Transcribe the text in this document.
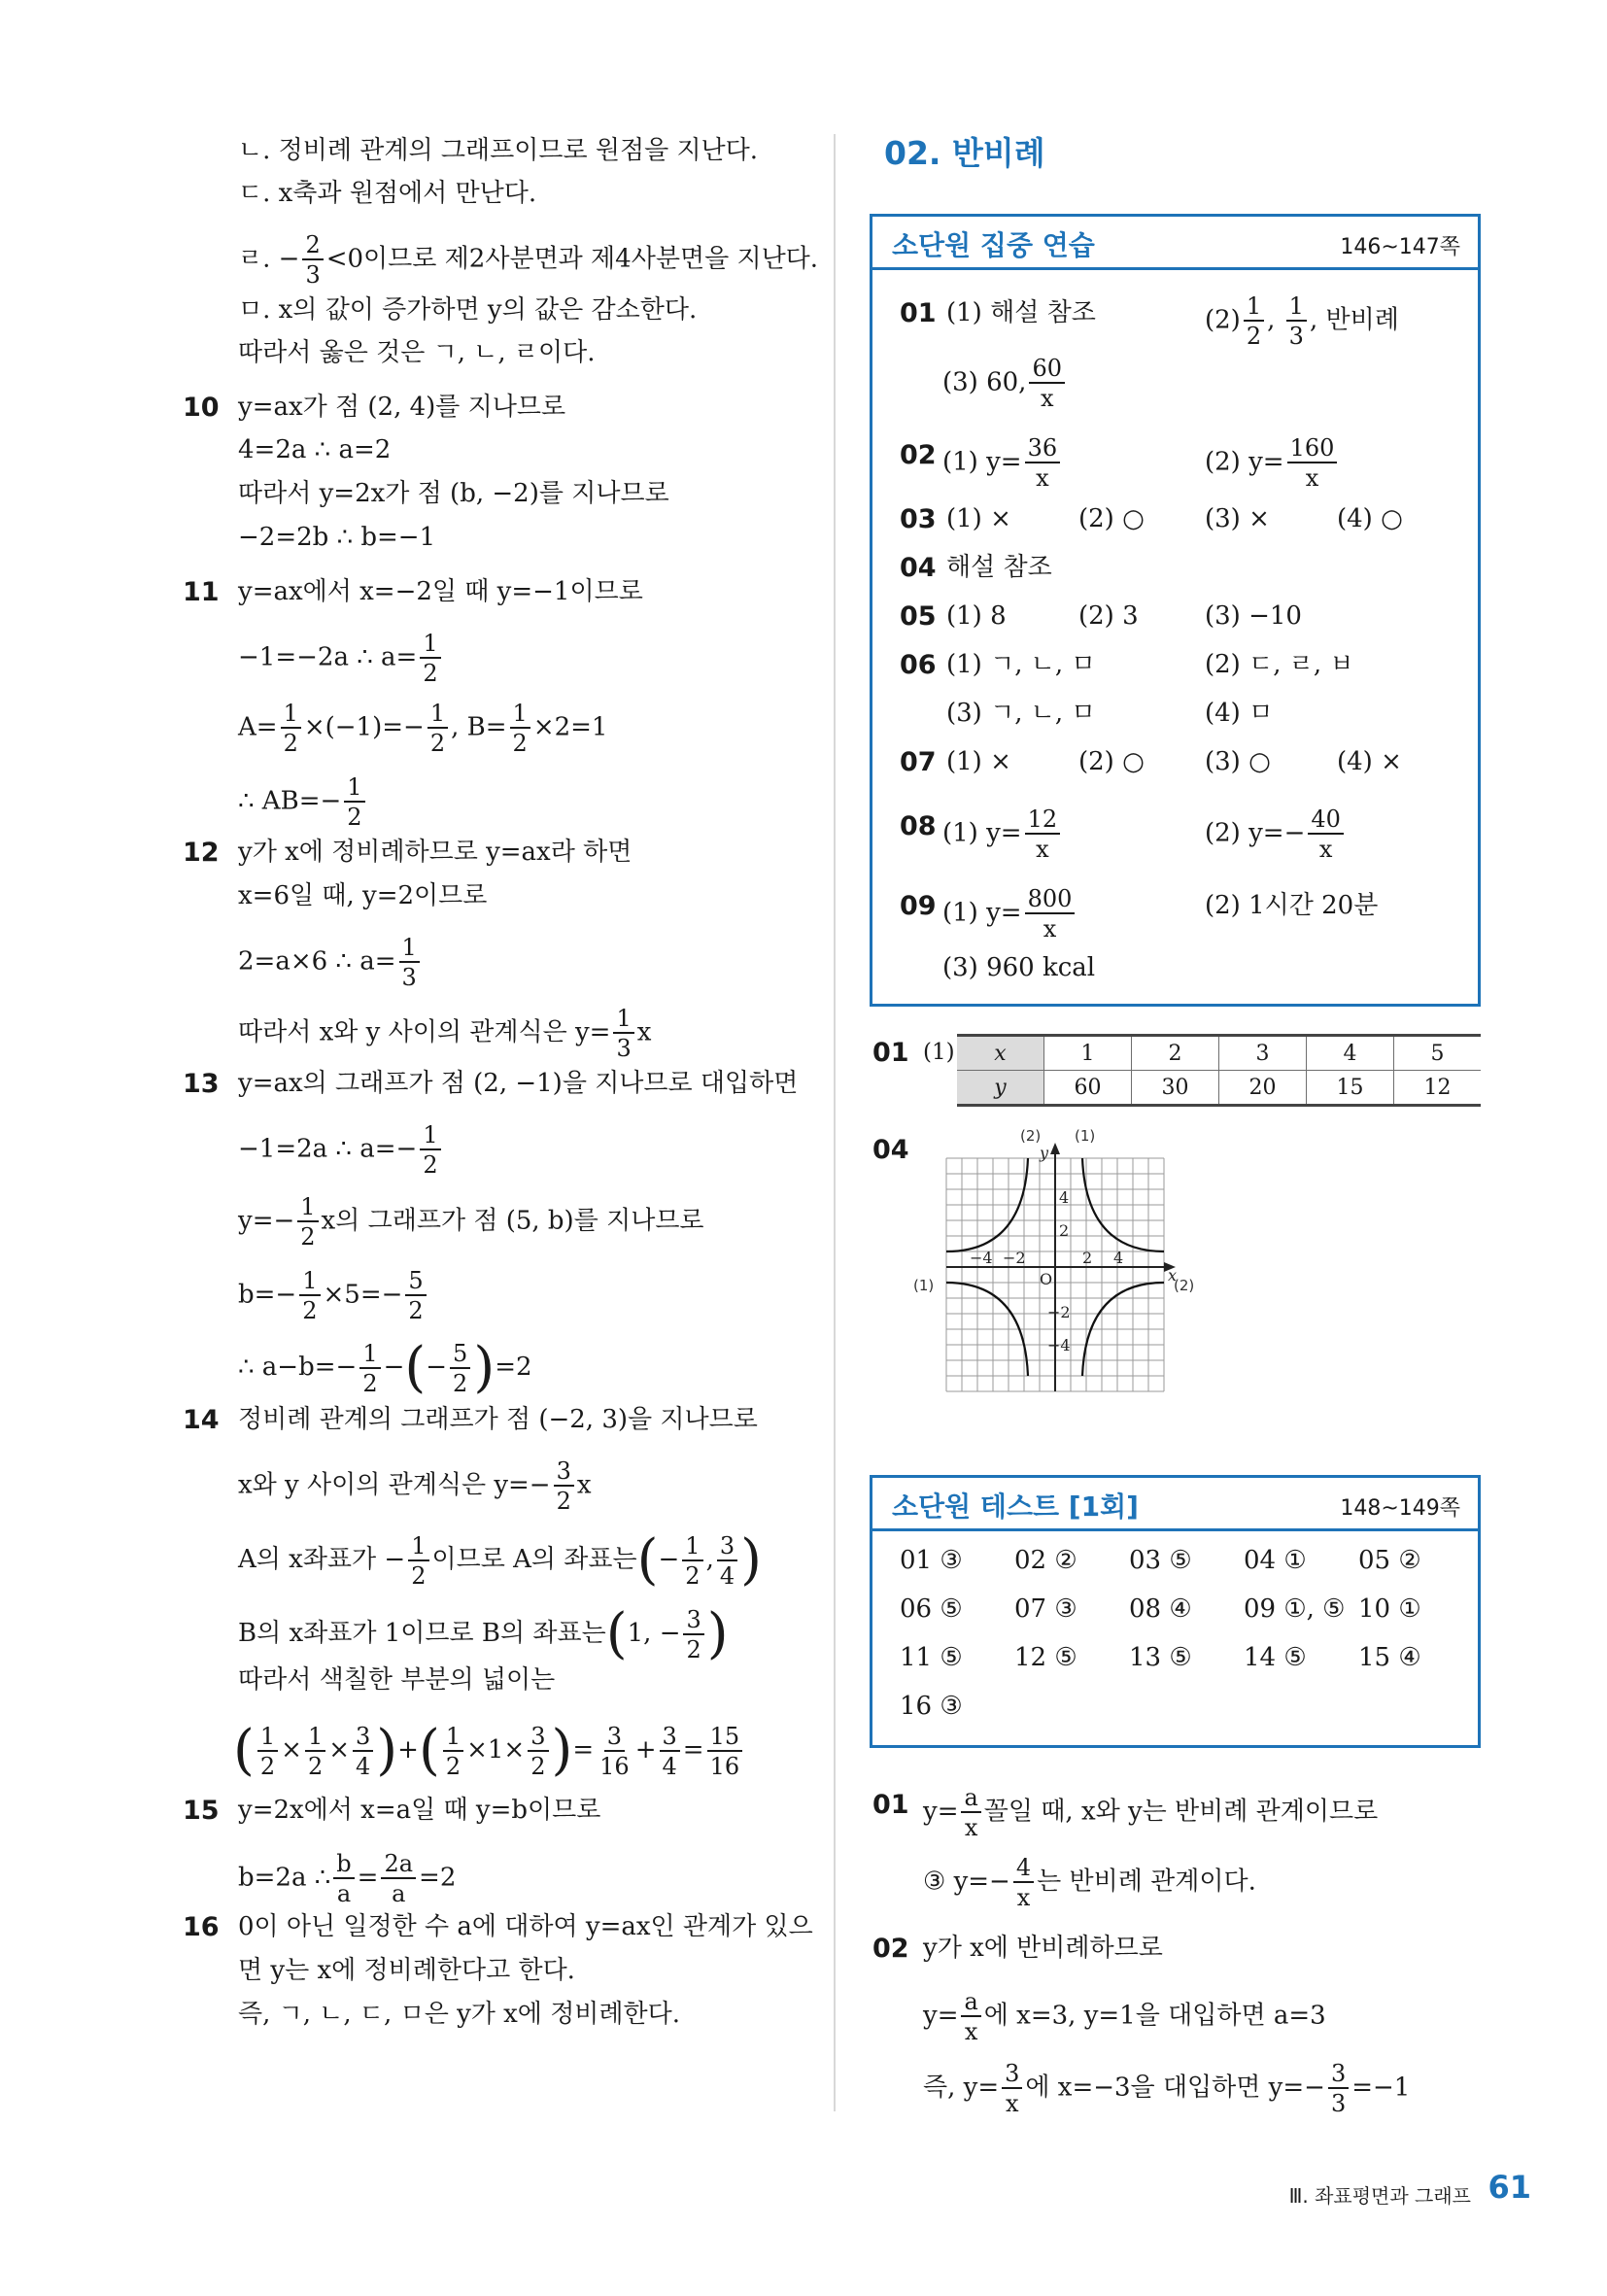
ㄴ. 정비례 관계의 그래프이므로 원점을 지난다.
ㄷ. x축과 원점에서 만난다.
ㄹ. − $\frac{2}{3} <0$이므로 제2사분면과 제4사분면을 지난다.
ㅁ. x의 값이 증가하면 y의 값은 감소한다.
따라서 옳은 것은 ㄱ, ㄴ, ㄹ이다.
10 y=ax가 점 (2, 4)를 지나므로
4=2a ∴ a=2
따라서 y=2x가 점 (b, −2)를 지나므로
−2=2b ∴ b=−1
11 y=ax에서 x=−2일 때 y=−1이므로
−1=−2a ∴ $a= \frac{1}{2}$
$A= \frac{1}{2} \times(-1)=- \frac{1}{2}$ , $B= \frac{1}{2} \times 2=1$
∴ $AB=- \frac{1}{2}$
12 y가 x에 정비례하므로 y=ax라 하면
x=6일 때, y=2이므로
2=a×6 ∴ $a= \frac{1}{3}$
따라서 x와 y 사이의 관계식은 $y= \frac{1}{3}$ x
13 y=ax의 그래프가 점 (2, −1)을 지나므로 대입하면
−1=2a ∴ $a=- \frac{1}{2}$
$y=- \frac{1}{2}$ x의 그래프가 점 (5, b)를 지나므로
$b=- \frac{1}{2} \times 5=- \frac{5}{2}$
∴ $a-b=- \frac{1}{2}$ −(− $\frac{5}{2} )=2$
14 정비례 관계의 그래프가 점 (−2, 3)을 지나므로
x와 y 사이의 관계식은 $y=- \frac{3}{2}$ x
A의 x좌표가 − $\frac{1}{2}$ 이므로 A의 좌표는(− $\frac{1}{2}$ , $\frac{3}{4}$ )
B의 x좌표가 1이므로 B의 좌표는(1, − $\frac{3}{2}$ )
따라서 색칠한 부분의 넓이는
( $\frac{1}{2} \times \frac{1}{2} \times \frac{3}{4}$ )+( $\frac{1}{2} \times 1\times \frac{3}{2}$ )= $\frac{3}{16} + \frac{3}{4} = \frac{15}{16}$
15 y=2x에서 x=a일 때 y=b이므로
b=2a ∴ $\frac{b}{a} = \frac{2a}{a} =2$
16 0이 아닌 일정한 수 a에 대하여 y=ax인 관계가 있으
면 y는 x에 정비례한다고 한다.
즉, ㄱ, ㄴ, ㄷ, ㅁ은 y가 x에 정비례한다.
02. 반비례
소단원 집중 연습	146~147쪽
01 (1) 해설 참조	$(2) \frac{1}{2}$ , $\frac{1}{3}$ , 반비례
(3) 60, $\frac{60}{x}$
02 (1) $y= \frac{36}{x}$	(2) $y= \frac{160}{x}$
03 (1) ×	(2) ○ (3) ×	(4) ○
04 해설 참조
05 (1) 8	(2) 3	(3) −10
06 (1) ㄱ, ㄴ, ㅁ	(2) ㄷ, ㄹ, ㅂ
(3) ㄱ, ㄴ, ㅁ	(4) ㅁ
07 (1) ×	(2) ○ (3) ○	(4) ×
08 (1) $y= \frac{12}{x}$	(2) $y=- \frac{40}{x}$
09 (1) $y= \frac{800}{x}$	(2) 1시간 20분
(3) 960 kcal
01 (1) x	1	2	3	4	5
y	60	30	20	15	12
04	(2) (1)
(1)	(2)
y
x
4
2
O
−2
−4
−4 −2	2 4
소단원 테스트 [1회]	148~149쪽
01 ③ 02 ② 03 ⑤ 04 ① 05 ②
06 ⑤ 07 ③ 08 ④ 09 ①, ⑤ 10 ①
11 ⑤ 12 ⑤ 13 ⑤ 14 ⑤ 15 ④
16 ③
01 $y= \frac{a}{x}$ 꼴일 때, x와 y는 반비례 관계이므로
③ $y=- \frac{4}{x}$ 는 반비례 관계이다.
02 y가 x에 반비례하므로
$y= \frac{a}{x}$ 에 x=3, y=1을 대입하면 a=3
즉, $y= \frac{3}{x}$ 에 x=−3을 대입하면 $y=- \frac{3}{3} =-1$
Ⅲ. 좌표평면과 그래프 61
